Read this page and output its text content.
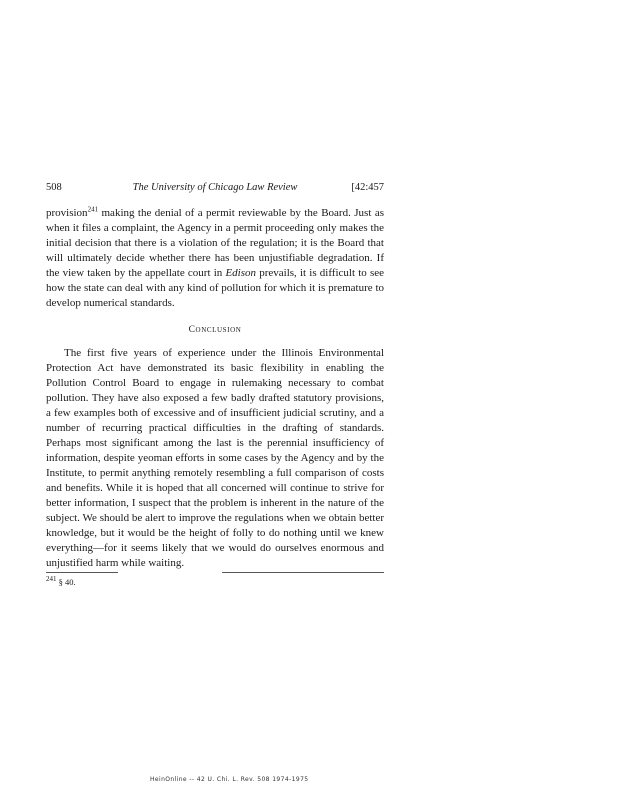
508	The University of Chicago Law Review	[42:457

provision$^{241}$ making the denial of a permit reviewable by the Board. Just as when it files a complaint, the Agency in a permit proceeding only makes the initial decision that there is a violation of the regulation; it is the Board that will ultimately decide whether there has been unjustifiable degradation. If the view taken by the appellate court in Edison prevails, it is difficult to see how the state can deal with any kind of pollution for which it is premature to develop numerical standards.

Conclusion

The first five years of experience under the Illinois Environmental Protection Act have demonstrated its basic flexibility in enabling the Pollution Control Board to engage in rulemaking necessary to combat pollution. They have also exposed a few badly drafted statutory provisions, a few examples both of excessive and of insufficient judicial scrutiny, and a number of recurring practical difficulties in the drafting of standards. Perhaps most significant among the last is the perennial insufficiency of information, despite yeoman efforts in some cases by the Agency and by the Institute, to permit anything remotely resembling a full comparison of costs and benefits. While it is hoped that all concerned will continue to strive for better information, I suspect that the problem is inherent in the nature of the subject. We should be alert to improve the regulations when we obtain better knowledge, but it would be the height of folly to do nothing until we knew everything—for it seems likely that we would do ourselves enormous and unjustified harm while waiting.

$^{241}$ § 40.
HeinOnline -- 42 U. Chi. L. Rev. 508 1974-1975
